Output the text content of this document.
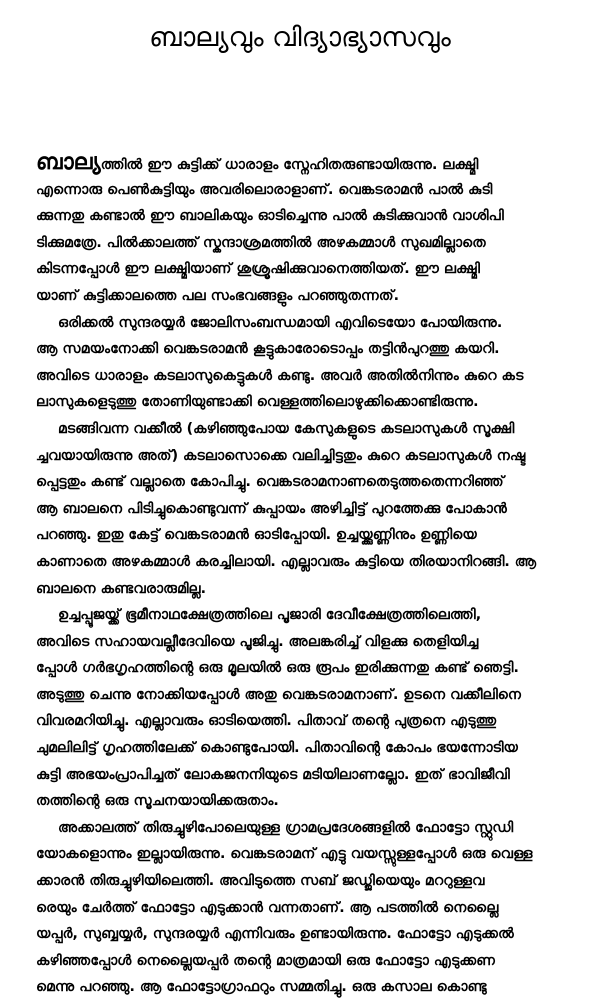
ബാല്യവും വിദ്യാഭ്യാസവും
ബാല്യത്തിൽ ഈ കുട്ടിക്ക് ധാരാളം സ്നേഹിതരുണ്ടായിരുന്നു. ലക്ഷ്മി
എന്നൊരു പെൺകുട്ടിയും അവരിലൊരാളാണ്. വെങ്കടരാമൻ പാൽ കുടി
ക്കുന്നതു കണ്ടാൽ ഈ ബാലികയും ഓടിച്ചെന്നു പാൽ കുടിക്കുവാൻ വാശിപി
ടിക്കുമത്രേ. പിൽക്കാലത്ത് സ്കന്ദാശ്രമത്തിൽ അഴകമ്മാൾ സുഖമില്ലാതെ
കിടന്നപ്പോൾ ഈ ലക്ഷ്മിയാണ് ശുശ്രൂഷിക്കുവാനെത്തിയത്. ഈ ലക്ഷ്മി
യാണ് കുട്ടിക്കാലത്തെ പല സംഭവങ്ങളും പറഞ്ഞുതന്നത്.
ഒരിക്കൽ സുന്ദരയ്യർ ജോലിസംബന്ധമായി എവിടെയോ പോയിരുന്നു.
ആ സമയംനോക്കി വെങ്കടരാമൻ കൂട്ടുകാരോടൊപ്പം തട്ടിൻപുറത്തു കയറി.
അവിടെ ധാരാളം കടലാസുകെട്ടുകൾ കണ്ടു. അവർ അതിൽനിന്നും കുറെ കട
ലാസുകളെടുത്തു തോണിയുണ്ടാക്കി വെള്ളത്തിലൊഴുക്കിക്കൊണ്ടിരുന്നു.
മടങ്ങിവന്ന വക്കീൽ (കഴിഞ്ഞുപോയ കേസുകളുടെ കടലാസുകൾ സൂക്ഷി
ച്ചവയായിരുന്നു അത്) കടലാസൊക്കെ വലിച്ചിട്ടതും കുറെ കടലാസുകൾ നഷ്ട
പ്പെട്ടതും കണ്ട് വല്ലാതെ കോപിച്ചു. വെങ്കടരാമനാണതെടുത്തതെന്നറിഞ്ഞ്
ആ ബാലനെ പിടിച്ചുകൊണ്ടുവന്ന് കുപ്പായം അഴിച്ചിട്ട് പുറത്തേക്കു പോകാൻ
പറഞ്ഞു. ഇതു കേട്ട് വെങ്കടരാമൻ ഓടിപ്പോയി. ഉച്ചയ്ക്കുണ്ണിനും ഉണ്ണിയെ
കാണാതെ അഴകമ്മാൾ കരച്ചിലായി. എല്ലാവരും കുട്ടിയെ തിരയാനിറങ്ങി. ആ
ബാലനെ കണ്ടവരാരുമില്ല.
ഉച്ചപ്പൂജയ്ക്ക് ഭൂമീനാഥക്ഷേത്രത്തിലെ പൂജാരി ദേവീക്ഷേത്രത്തിലെത്തി,
അവിടെ സഹായവല്ലീദേവിയെ പൂജിച്ചു. അലങ്കരിച്ച് വിളക്കു തെളിയിച്ച
പ്പോൾ ഗർഭഗൃഹത്തിന്റെ ഒരു മൂലയിൽ ഒരു രൂപം ഇരിക്കുന്നതു കണ്ട് ഞെട്ടി.
അടുത്തു ചെന്നു നോക്കിയപ്പോൾ അതു വെങ്കടരാമനാണ്. ഉടനെ വക്കീലിനെ
വിവരമറിയിച്ചു. എല്ലാവരും ഓടിയെത്തി. പിതാവ് തന്റെ പുത്രനെ എടുത്തു
ചുമലിലിട്ട് ഗൃഹത്തിലേക്ക് കൊണ്ടുപോയി. പിതാവിന്റെ കോപം ഭയന്നോടിയ
കുട്ടി അഭയംപ്രാപിച്ചത് ലോകജനനിയുടെ മടിയിലാണല്ലോ. ഇത് ഭാവിജീവി
തത്തിന്റെ ഒരു സൂചനയായിക്കരുതാം.
അക്കാലത്ത് തിരുച്ചുഴിപോലെയുള്ള ഗ്രാമപ്രദേശങ്ങളിൽ ഫോട്ടോ സ്റ്റുഡി
യോകളൊന്നും ഇല്ലായിരുന്നു. വെങ്കടരാമന് എട്ടു വയസ്സുള്ളപ്പോൾ ഒരു വെള്ള
ക്കാരൻ തിരുച്ചുഴിയിലെത്തി. അവിടുത്തെ സബ് ജഡ്ജിയെയും മററുള്ളവ
രെയും ചേർത്ത് ഫോട്ടോ എടുക്കാൻ വന്നതാണ്. ആ പടത്തിൽ നെല്ലൈ
യപ്പർ, സുബ്ബയ്യർ, സുന്ദരയ്യർ എന്നിവരും ഉണ്ടായിരുന്നു. ഫോട്ടോ എടുക്കൽ
കഴിഞ്ഞപ്പോൾ നെല്ലൈയപ്പർ തന്റെ മാത്രമായി ഒരു ഫോട്ടോ എടുക്കണ
മെന്നു പറഞ്ഞു. ആ ഫോട്ടോഗ്രാഫറും സമ്മതിച്ചു. ഒരു കസാല കൊണ്ടു
